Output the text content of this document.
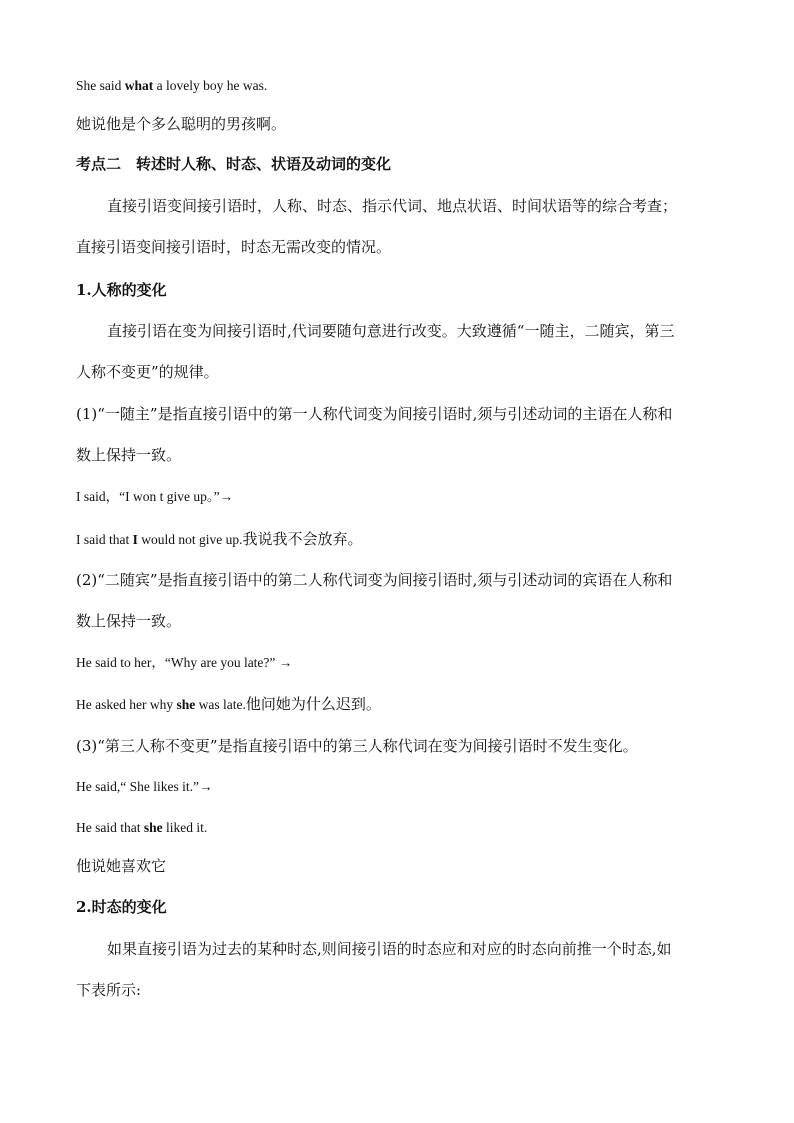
She said what a lovely boy he was.
她说他是个多么聪明的男孩啊。
考点二　转述时人称、时态、状语及动词的变化
直接引语变间接引语时，人称、时态、指示代词、地点状语、时间状语等的综合考查；
直接引语变间接引语时，时态无需改变的情况。
1.人称的变化
直接引语在变为间接引语时,代词要随句意进行改变。大致遵循“一随主，二随宾，第三
人称不变更”的规律。
(1)“一随主”是指直接引语中的第一人称代词变为间接引语时,须与引述动词的主语在人称和
数上保持一致。
I said，“I won t give up。”→
I said that I would not give up.我说我不会放弃。
(2)“二随宾”是指直接引语中的第二人称代词变为间接引语时,须与引述动词的宾语在人称和
数上保持一致。
He said to her，“Why are you late?” →
He asked her why she was late.他问她为什么迟到。
(3)“第三人称不变更”是指直接引语中的第三人称代词在变为间接引语时不发生变化。
He said,“ She likes it.”→
He said that she liked it.
他说她喜欢它
2.时态的变化
如果直接引语为过去的某种时态,则间接引语的时态应和对应的时态向前推一个时态,如
下表所示:
